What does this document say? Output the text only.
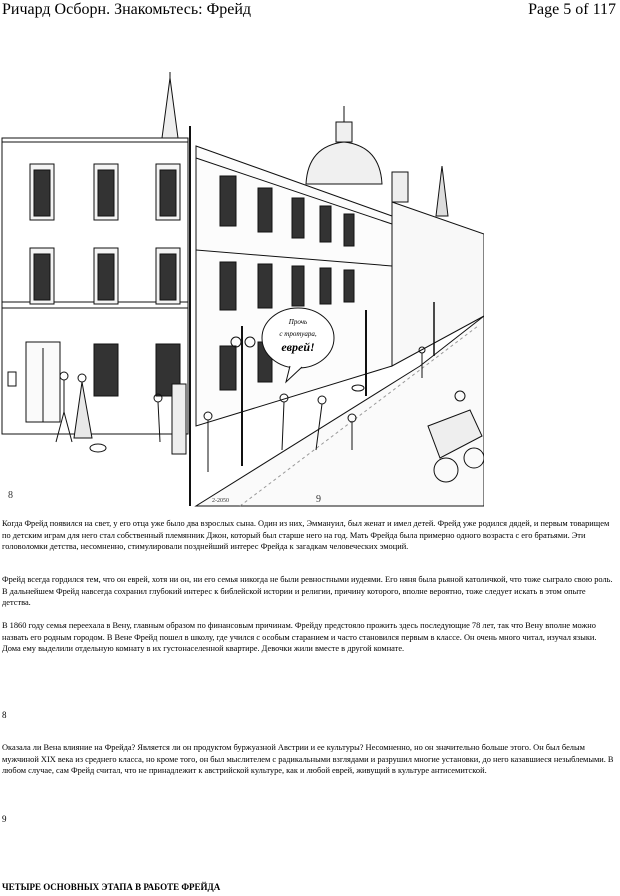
Ричард Осборн. Знакомьтесь: Фрейд	Page 5 of 117
Прочь
с тротуара,
еврей!
8	9
2-2050

Когда Фрейд появился на свет, у его отца уже было два взрослых сына. Один из них, Эммануил, был женат и имел детей. Фрейд уже родился дядей, и первым товарищем по детским играм для него стал собственный племянник Джон, который был старше него на год. Мать Фрейда была примерно одного возраста с его братьями. Эти головоломки детства, несомненно, стимулировали позднейший интерес Фрейда к загадкам человеческих эмоций.

Фрейд всегда гордился тем, что он еврей, хотя ни он, ни его семья никогда не были ревностными иудеями. Его няня была рьяной католичкой, что тоже сыграло свою роль. В дальнейшем Фрейд навсегда сохранил глубокий интерес к библейской истории и религии, причину которого, вполне вероятно, тоже следует искать в этом опыте детства.

В 1860 году семья переехала в Вену, главным образом по финансовым причинам. Фрейду предстояло прожить здесь последующие 78 лет, так что Вену вполне можно назвать его родным городом. В Вене Фрейд пошел в школу, где учился с особым старанием и часто становился первым в классе. Он очень много читал, изучал языки. Дома ему выделили отдельную комнату в их густонаселенной квартире. Девочки жили вместе в другой комнате.

8

Оказала ли Вена влияние на Фрейда? Является ли он продуктом буржуазной Австрии и ее культуры? Несомненно, но он значительно больше этого. Он был белым мужчиной XIX века из среднего класса, но кроме того, он был мыслителем с радикальными взглядами и разрушил многие установки, до него казавшиеся незыблемыми. В любом случае, сам Фрейд считал, что не принадлежит к австрийской культуре, как и любой еврей, живущий в культуре антисемитской.

9

ЧЕТЫРЕ ОСНОВНЫХ ЭТАПА В РАБОТЕ ФРЕЙДА
